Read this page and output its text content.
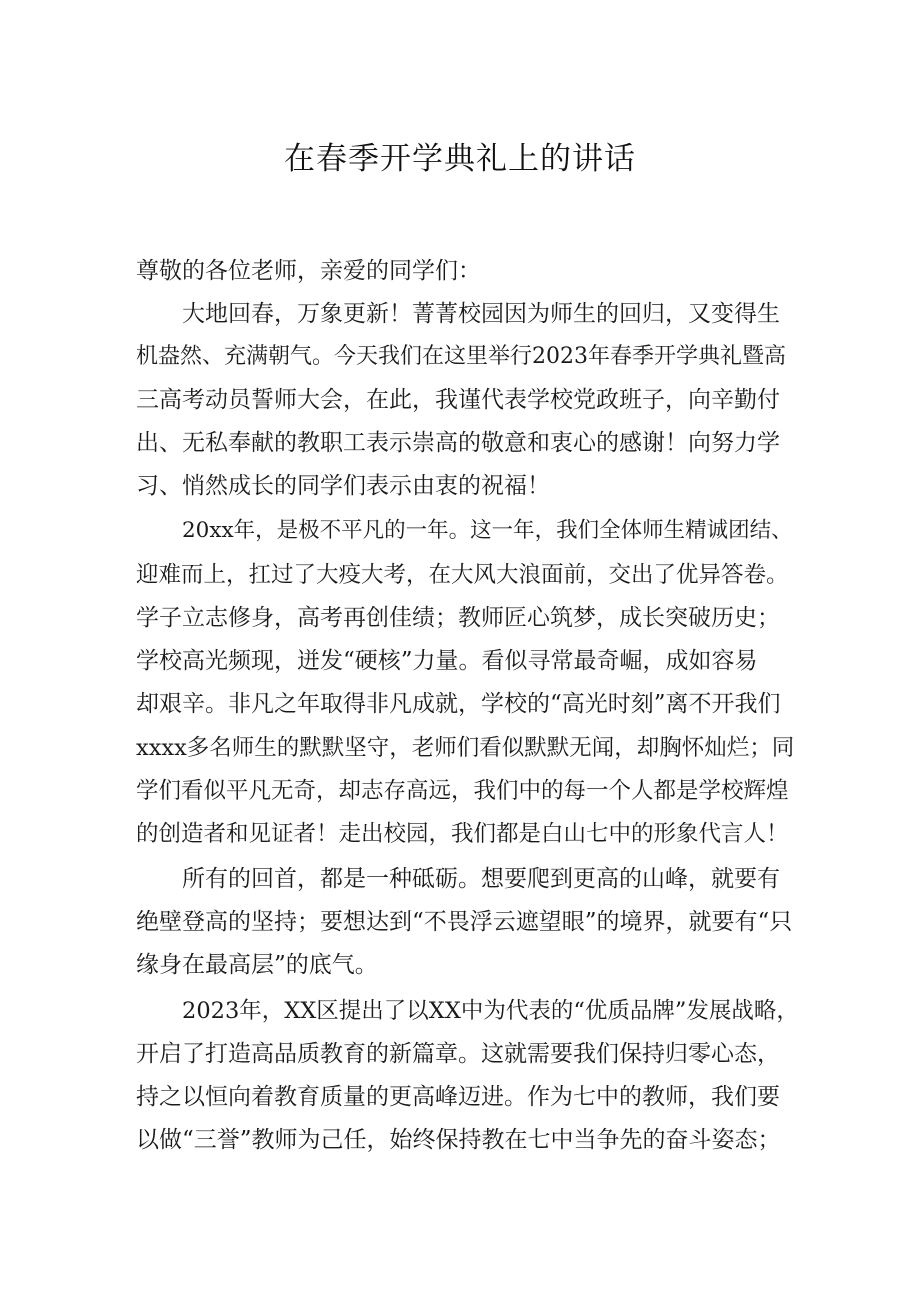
在春季开学典礼上的讲话
尊敬的各位老师，亲爱的同学们：
大地回春，万象更新！菁菁校园因为师生的回归，又变得生
机盎然、充满朝气。今天我们在这里举行2023年春季开学典礼暨高
三高考动员誓师大会，在此，我谨代表学校党政班子，向辛勤付
出、无私奉献的教职工表示崇高的敬意和衷心的感谢！向努力学
习、悄然成长的同学们表示由衷的祝福！
20xx年，是极不平凡的一年。这一年，我们全体师生精诚团结、
迎难而上，扛过了大疫大考，在大风大浪面前，交出了优异答卷。
学子立志修身，高考再创佳绩；教师匠心筑梦，成长突破历史；
学校高光频现，迸发“硬核”力量。看似寻常最奇崛，成如容易
却艰辛。非凡之年取得非凡成就，学校的“高光时刻”离不开我们
xxxx多名师生的默默坚守，老师们看似默默无闻，却胸怀灿烂；同
学们看似平凡无奇，却志存高远，我们中的每一个人都是学校辉煌
的创造者和见证者！走出校园，我们都是白山七中的形象代言人！
所有的回首，都是一种砥砺。想要爬到更高的山峰，就要有
绝壁登高的坚持；要想达到“不畏浮云遮望眼”的境界，就要有“只
缘身在最高层”的底气。
2023年，XX区提出了以XX中为代表的“优质品牌”发展战略，
开启了打造高品质教育的新篇章。这就需要我们保持归零心态，
持之以恒向着教育质量的更高峰迈进。作为七中的教师，我们要
以做“三誉”教师为己任，始终保持教在七中当争先的奋斗姿态；
